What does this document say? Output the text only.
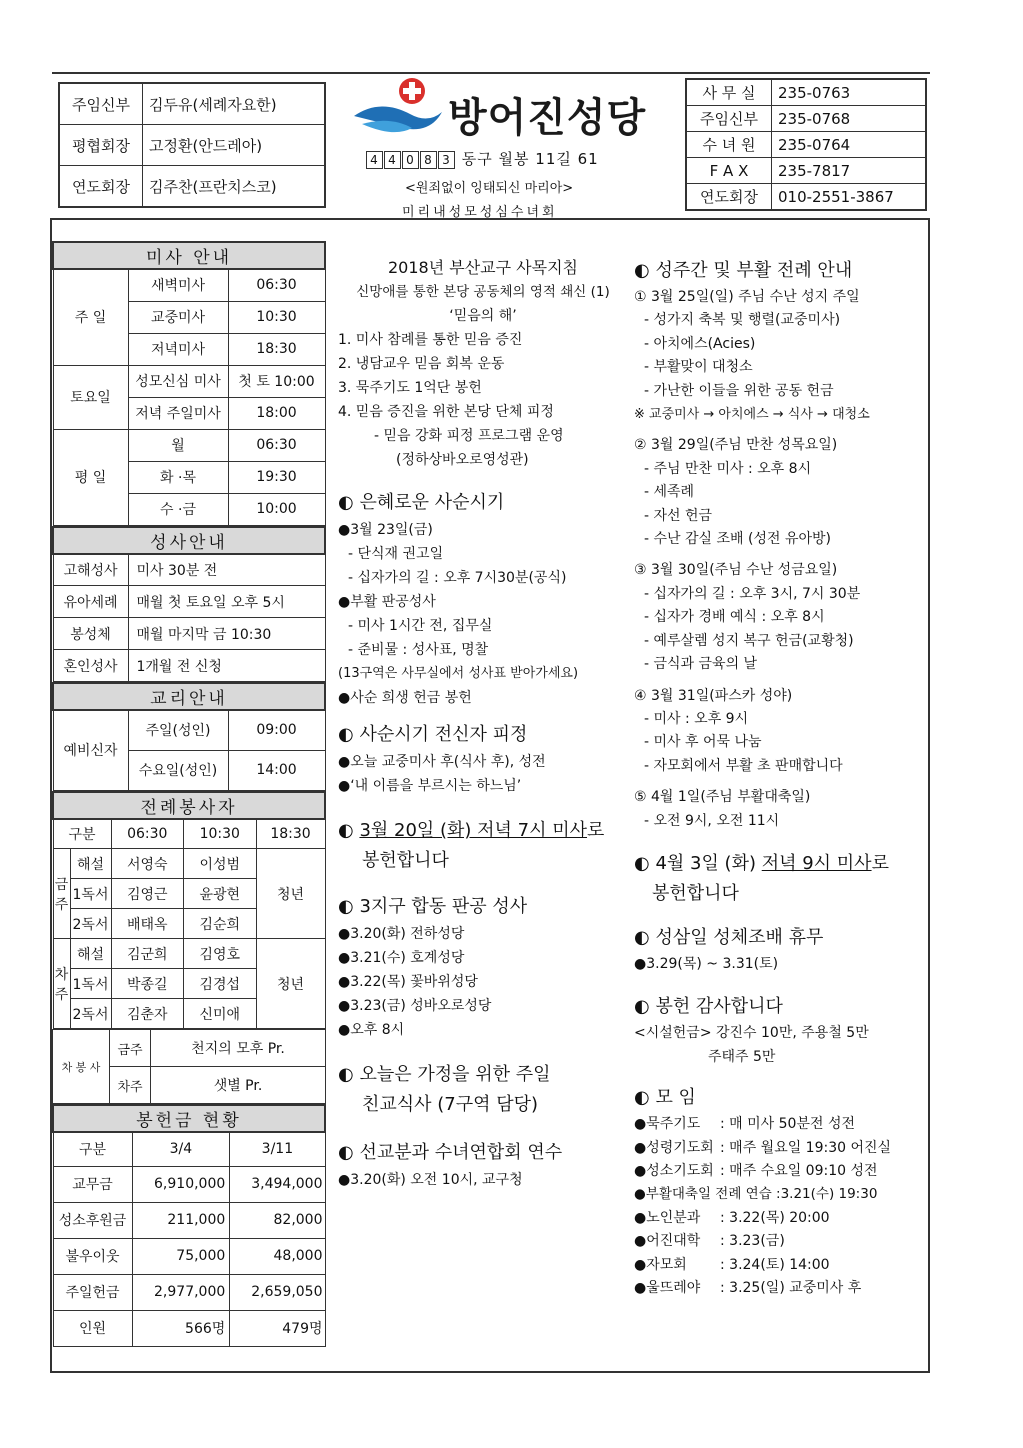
주임신부	김두유(세례자요한)
평협회장	고정환(안드레아)
연도회장	김주찬(프란치스코)
방어진성당
4 4 0 8 3 동구 월봉 11길 61
<원죄없이 잉태되신 마리아>
미리내성모성심수녀회
사 무 실	235-0763
주임신부	235-0768
수 녀 원	235-0764
F A X	235-7817
연도회장	010-2551-3867
미사 안내		
주 일	새벽미사	06:30
	교중미사	10:30
	저녁미사	18:30
토요일	성모신심 미사	첫 토 10:00
	저녁 주일미사	18:00
평 일	월	06:30
	화 ·목	19:30
	수 ·금	10:00
성사안내	
고해성사	미사 30분 전
유아세례	매월 첫 토요일 오후 5시
봉성체	매월 마지막 금 10:30
혼인성사	1개월 전 신청
교리안내		
예비신자	주일(성인)	09:00
	수요일(성인)	14:00
전례봉사자				
구분		06:30	10:30	18:30
금주	해설	서영숙	이성범	청년
	1독서	김영근	윤광현	
	2독서	배태옥	김순희	
차주	해설	김군희	김영호	청년
	1독서	박종길	김경섭	
	2독서	김춘자	신미애	
차 봉 사	금주	천지의 모후 Pr.
	차주	샛별 Pr.
봉헌금 현황		
구분	3/4	3/11
교무금	6,910,000	3,494,000
성소후원금	211,000	82,000
불우이웃	75,000	48,000
주일헌금	2,977,000	2,659,050
인원	566명	479명
2018년 부산교구 사목지침
신망애를 통한 본당 공동체의 영적 쇄신 (1)
‘믿음의 해’
1. 미사 참례를 통한 믿음 증진
2. 냉담교우 믿음 회복 운동
3. 묵주기도 1억단 봉헌
4. 믿음 증진을 위한 본당 단체 피정
- 믿음 강화 피정 프로그램 운영
(정하상바오로영성관)
◐ 은혜로운 사순시기
●3월 23일(금)
- 단식재 권고일
- 십자가의 길 : 오후 7시30분(공식)
●부활 판공성사
- 미사 1시간 전, 집무실
- 준비물 : 성사표, 명찰
(13구역은 사무실에서 성사표 받아가세요)
●사순 희생 헌금 봉헌
◐ 사순시기 전신자 피정
●오늘 교중미사 후(식사 후), 성전
●‘내 이름을 부르시는 하느님’
◐ 3월 20일 (화) 저녁 7시 미사로
봉헌합니다
◐ 3지구 합동 판공 성사
●3.20(화) 전하성당
●3.21(수) 호계성당
●3.22(목) 꽃바위성당
●3.23(금) 성바오로성당
●오후 8시
◐ 오늘은 가정을 위한 주일
친교식사 (7구역 담당)
◐ 선교분과 수녀연합회 연수
●3.20(화) 오전 10시, 교구청
◐ 성주간 및 부활 전례 안내
① 3월 25일(일) 주님 수난 성지 주일
- 성가지 축복 및 행렬(교중미사)
- 아치에스(Acies)
- 부활맞이 대청소
- 가난한 이들을 위한 공동 헌금
※ 교중미사 → 아치에스 → 식사 → 대청소
② 3월 29일(주님 만찬 성목요일)
- 주님 만찬 미사 : 오후 8시
- 세족례
- 자선 헌금
- 수난 감실 조배 (성전 유아방)
③ 3월 30일(주님 수난 성금요일)
- 십자가의 길 : 오후 3시, 7시 30분
- 십자가 경배 예식 : 오후 8시
- 예루살렘 성지 복구 헌금(교황청)
- 금식과 금육의 날
④ 3월 31일(파스카 성야)
- 미사 : 오후 9시
- 미사 후 어묵 나눔
- 자모회에서 부활 초 판매합니다
⑤ 4월 1일(주님 부활대축일)
- 오전 9시, 오전 11시
◐ 4월 3일 (화) 저녁 9시 미사로
봉헌합니다
◐ 성삼일 성체조배 휴무
●3.29(목) ~ 3.31(토)
◐ 봉헌 감사합니다
<시설헌금> 강진수 10만, 주용철 5만
주태주 5만
◐ 모 임
●묵주기도 : 매 미사 50분전 성전
●성령기도회 : 매주 월요일 19:30 어진실
●성소기도회 : 매주 수요일 09:10 성전
●부활대축일 전례 연습 :3.21(수) 19:30
●노인분과 : 3.22(목) 20:00
●어진대학 : 3.23(금)
●자모회 : 3.24(토) 14:00
●울뜨레야 : 3.25(일) 교중미사 후
